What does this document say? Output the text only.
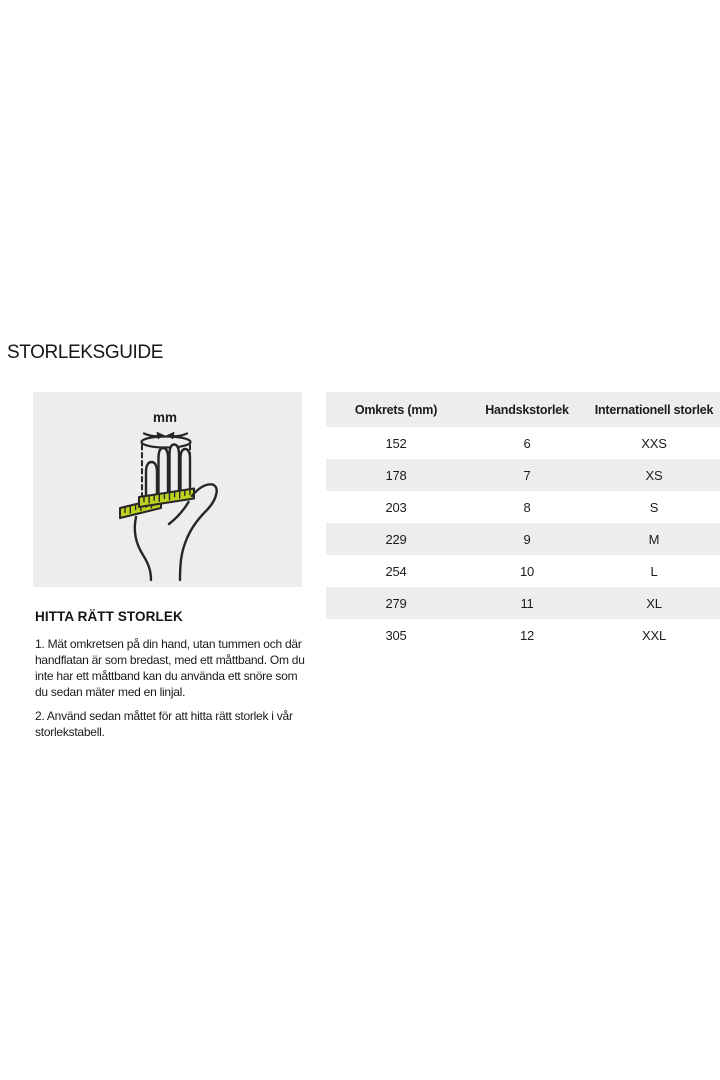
STORLEKSGUIDE
mm
HITTA RÄTT STORLEK

1. Mät omkretsen på din hand, utan tummen och där handflatan är som bredast, med ett måttband. Om du inte har ett måttband kan du använda ett snöre som du sedan mäter med en linjal.

2. Använd sedan måttet för att hitta rätt storlek i vår storlekstabell.

Omkrets (mm)	Handskstorlek	Internationell storlek
152	6	XXS
178	7	XS
203	8	S
229	9	M
254	10	L
279	11	XL
305	12	XXL
